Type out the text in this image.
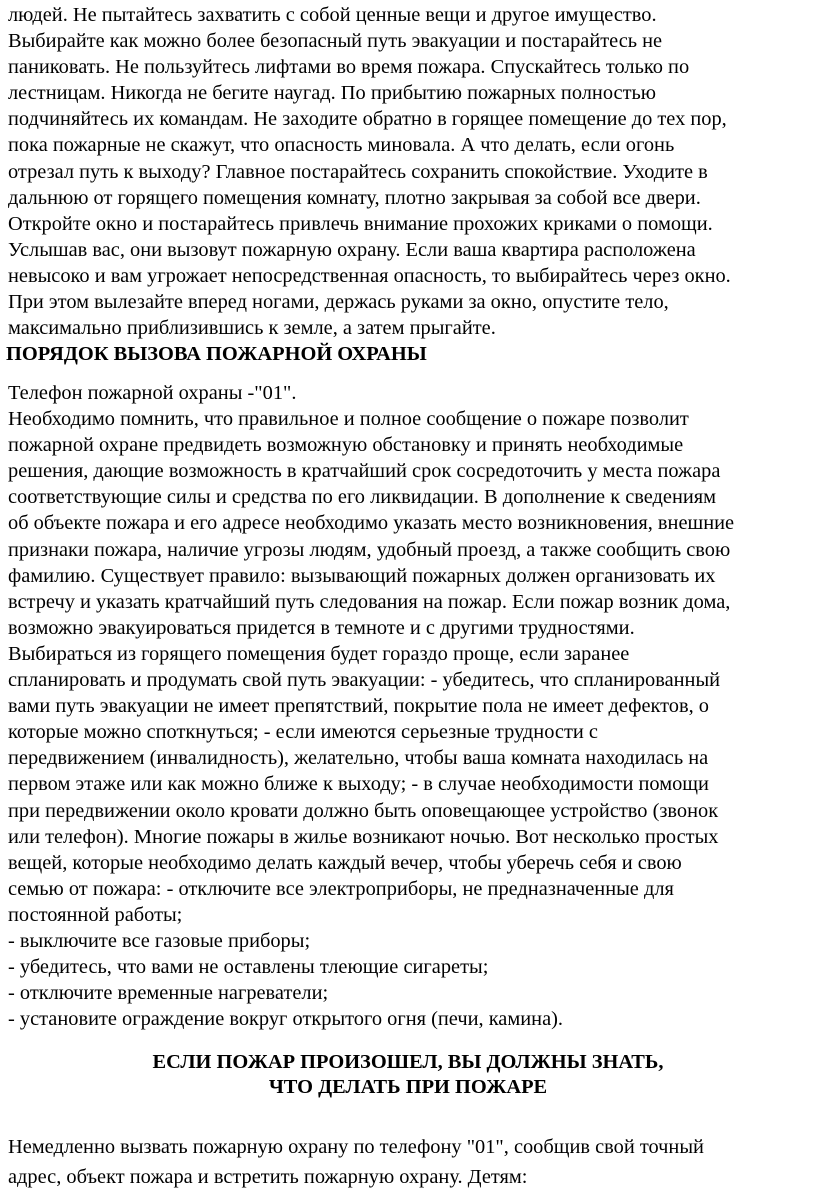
людей. Не пытайтесь захватить с собой ценные вещи и другое имущество.
Выбирайте как можно более безопасный путь эвакуации и постарайтесь не
паниковать. Не пользуйтесь лифтами во время пожара. Спускайтесь только по
лестницам. Никогда не бегите наугад. По прибытию пожарных полностью
подчиняйтесь их командам. Не заходите обратно в горящее помещение до тех пор,
пока пожарные не скажут, что опасность миновала. А что делать, если огонь
отрезал путь к выходу? Главное постарайтесь сохранить спокойствие. Уходите в
дальнюю от горящего помещения комнату, плотно закрывая за собой все двери.
Откройте окно и постарайтесь привлечь внимание прохожих криками о помощи.
Услышав вас, они вызовут пожарную охрану. Если ваша квартира расположена
невысоко и вам угрожает непосредственная опасность, то выбирайтесь через окно.
При этом вылезайте вперед ногами, держась руками за окно, опустите тело,
максимально приблизившись к земле, а затем прыгайте.

ПОРЯДОК ВЫЗОВА ПОЖАРНОЙ ОХРАНЫ

Телефон пожарной охраны -"01".
Необходимо помнить, что правильное и полное сообщение о пожаре позволит
пожарной охране предвидеть возможную обстановку и принять необходимые
решения, дающие возможность в кратчайший срок сосредоточить у места пожара
соответствующие силы и средства по его ликвидации. В дополнение к сведениям
об объекте пожара и его адресе необходимо указать место возникновения, внешние
признаки пожара, наличие угрозы людям, удобный проезд, а также сообщить свою
фамилию. Существует правило: вызывающий пожарных должен организовать их
встречу и указать кратчайший путь следования на пожар. Если пожар возник дома,
возможно эвакуироваться придется в темноте и с другими трудностями.
Выбираться из горящего помещения будет гораздо проще, если заранее
спланировать и продумать свой путь эвакуации: - убедитесь, что спланированный
вами путь эвакуации не имеет препятствий, покрытие пола не имеет дефектов, о
которые можно споткнуться; - если имеются серьезные трудности с
передвижением (инвалидность), желательно, чтобы ваша комната находилась на
первом этаже или как можно ближе к выходу; - в случае необходимости помощи
при передвижении около кровати должно быть оповещающее устройство (звонок
или телефон). Многие пожары в жилье возникают ночью. Вот несколько простых
вещей, которые необходимо делать каждый вечер, чтобы уберечь себя и свою
семью от пожара: - отключите все электроприборы, не предназначенные для
постоянной работы;
- выключите все газовые приборы;
- убедитесь, что вами не оставлены тлеющие сигареты;
- отключите временные нагреватели;
- установите ограждение вокруг открытого огня (печи, камина).

ЕСЛИ ПОЖАР ПРОИЗОШЕЛ, ВЫ ДОЛЖНЫ ЗНАТЬ,
ЧТО ДЕЛАТЬ ПРИ ПОЖАРЕ

Немедленно вызвать пожарную охрану по телефону "01", сообщив свой точный
адрес, объект пожара и встретить пожарную охрану. Детям:
